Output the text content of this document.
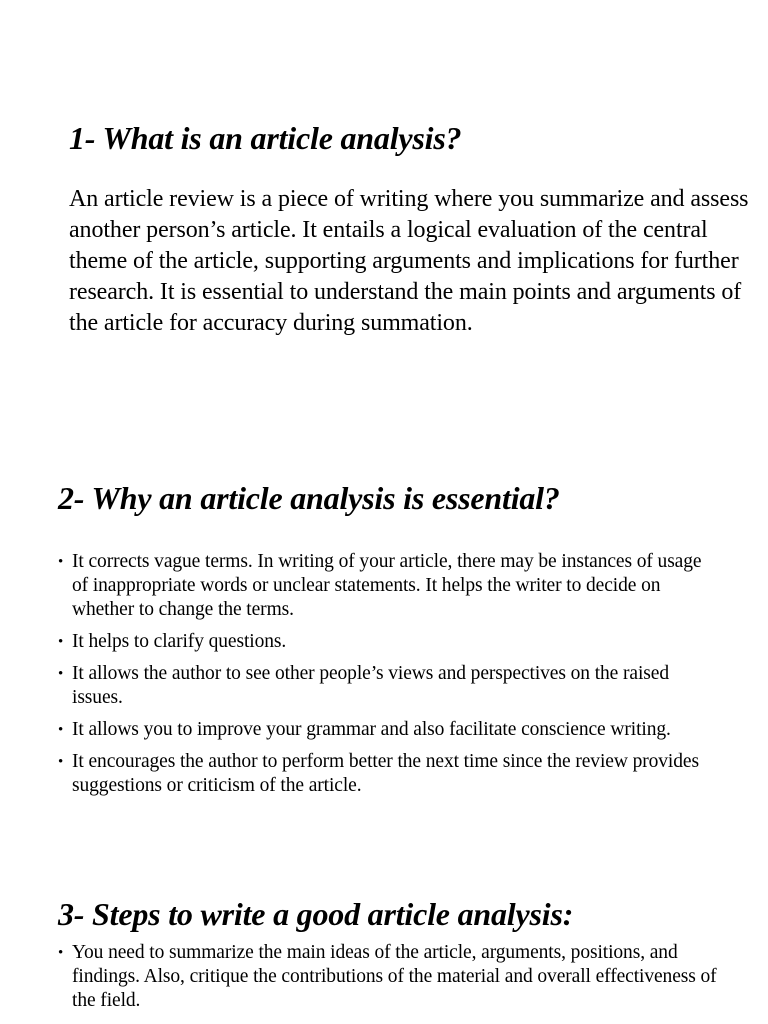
1- What is an article analysis?
An article review is a piece of writing where you summarize and assess another person’s article. It entails a logical evaluation of the central theme of the article, supporting arguments and implications for further research. It is essential to understand the main points and arguments of the article for accuracy during summation.
2- Why an article analysis is essential?
• It corrects vague terms. In writing of your article, there may be instances of usage of inappropriate words or unclear statements. It helps the writer to decide on whether to change the terms.
• It helps to clarify questions.
• It allows the author to see other people’s views and perspectives on the raised issues.
• It allows you to improve your grammar and also facilitate conscience writing.
• It encourages the author to perform better the next time since the review provides suggestions or criticism of the article.
3- Steps to write a good article analysis:
• You need to summarize the main ideas of the article, arguments, positions, and findings. Also, critique the contributions of the material and overall effectiveness of the field.
